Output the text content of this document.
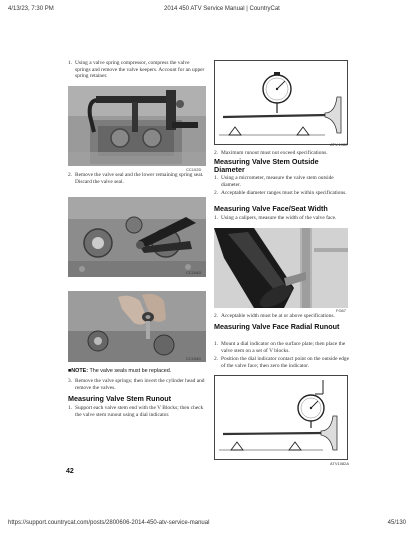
4/13/23, 7:30 PM	2014 450 ATV Service Manual | CountryCat
https://support.countrycat.com/posts/2800606-2014-450-atv-service-manual	45/130
1. Using a valve spring compressor, compress the valve springs and remove the valve keepers. Account for an upper spring retainer.
CC102D
2. Remove the valve seal and the lower remaining spring seat. Discard the valve seal.
CC104D
CC1040
■NOTE: The valve seals must be replaced.
3. Remove the valve springs; then invert the cylinder head and remove the valves.
Measuring Valve Stem Runout
1. Support each valve stem end with the V Blocks; then check the valve stem runout using a dial indicator.
ATV-1082
2. Maximum runout must not exceed specifications.
Measuring Valve Stem Outside Diameter
1. Using a micrometer, measure the valve stem outside diameter.
2. Acceptable diameter ranges must be within specifications.
Measuring Valve Face/Seat Width
1. Using a calipers, measure the width of the valve face.
FG67
2. Acceptable width must be at or above specifications.
Measuring Valve Face Radial Runout
1. Mount a dial indicator on the surface plate; then place the valve stem on a set of V blocks.
2. Position the dial indicator contact point on the outside edge of the valve face; then zero the indicator.
ATV1082A
42
